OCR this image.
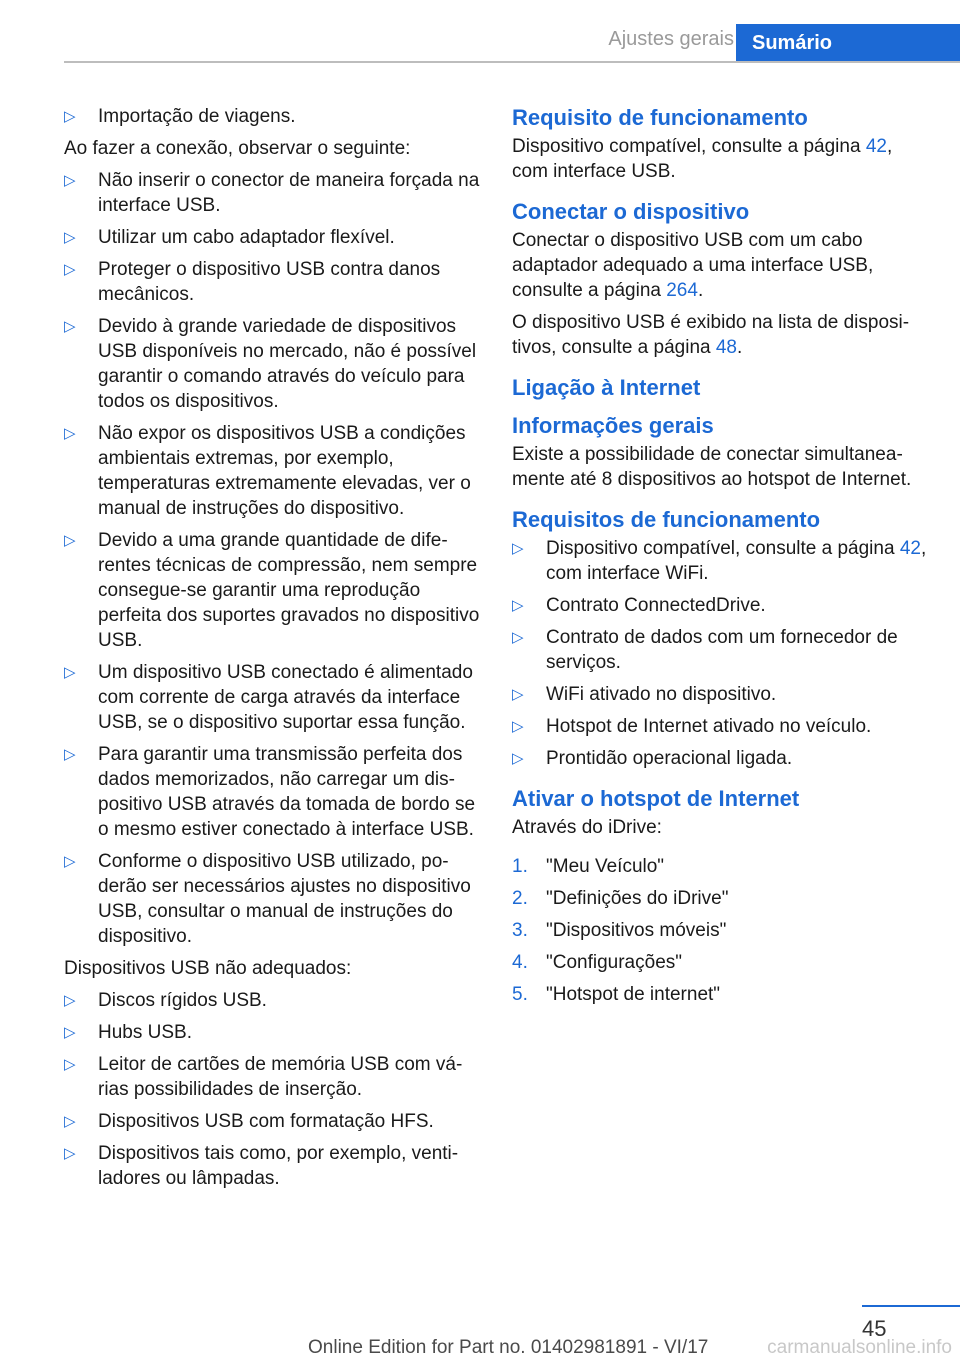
Ajustes gerais Sumário
▷ Importação de viagens.

Ao fazer a conexão, observar o seguinte:

▷ Não inserir o conector de maneira forçada na interface USB.
▷ Utilizar um cabo adaptador flexível.
▷ Proteger o dispositivo USB contra danos mecânicos.
▷ Devido à grande variedade de dispositivos USB disponíveis no mercado, não é possível garantir o comando através do veículo para todos os dispositivos.
▷ Não expor os dispositivos USB a condições ambientais extremas, por exemplo, temperaturas extremamente elevadas, ver o manual de instruções do dispositivo.
▷ Devido a uma grande quantidade de diferentes técnicas de compressão, nem sempre consegue-se garantir uma reprodução perfeita dos suportes gravados no dispositivo USB.
▷ Um dispositivo USB conectado é alimentado com corrente de carga através da interface USB, se o dispositivo suportar essa função.
▷ Para garantir uma transmissão perfeita dos dados memorizados, não carregar um dispositivo USB através da tomada de bordo se o mesmo estiver conectado à interface USB.
▷ Conforme o dispositivo USB utilizado, poderão ser necessários ajustes no dispositivo USB, consultar o manual de instruções do dispositivo.

Dispositivos USB não adequados:

▷ Discos rígidos USB.
▷ Hubs USB.
▷ Leitor de cartões de memória USB com várias possibilidades de inserção.
▷ Dispositivos USB com formatação HFS.
▷ Dispositivos tais como, por exemplo, ventiladores ou lâmpadas.
Requisito de funcionamento

Dispositivo compatível, consulte a página 42, com interface USB.

Conectar o dispositivo

Conectar o dispositivo USB com um cabo adaptador adequado a uma interface USB, consulte a página 264.

O dispositivo USB é exibido na lista de dispositivos, consulte a página 48.

Ligação à Internet
Informações gerais

Existe a possibilidade de conectar simultaneamente até 8 dispositivos ao hotspot de Internet.

Requisitos de funcionamento
▷ Dispositivo compatível, consulte a página 42, com interface WiFi.
▷ Contrato ConnectedDrive.
▷ Contrato de dados com um fornecedor de serviços.
▷ WiFi ativado no dispositivo.
▷ Hotspot de Internet ativado no veículo.
▷ Prontidão operacional ligada.
Ativar o hotspot de Internet

Através do iDrive:

1. "Meu Veículo"
2. "Definições do iDrive"
3. "Dispositivos móveis"
4. "Configurações"
5. "Hotspot de internet"
45
Online Edition for Part no. 01402981891 - VI/17	carmanualsonline.info
